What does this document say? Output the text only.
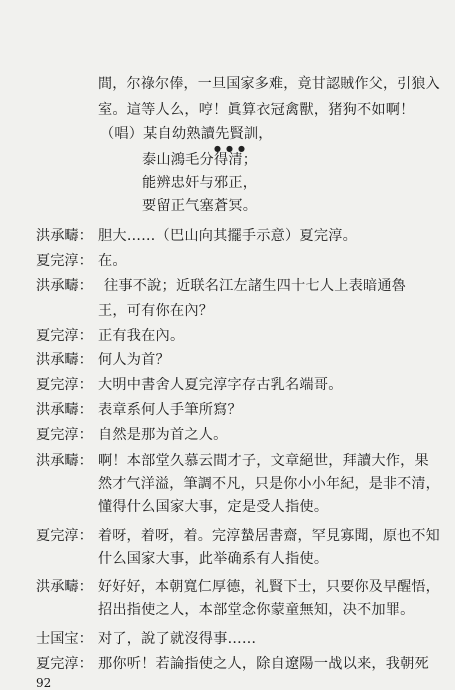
間，尔祿尔俸，一旦国家多难，竟甘認賊作父，引狼入
室。這等人么，哼！眞算衣冠禽獸，猪狗不如啊！
（唱）某自幼熟讀先賢訓，
●●●
泰山鴻毛分得清；
能辨忠奸与邪正，
要留正气塞蒼冥。
洪承疇： 胆大……（巴山向其擺手示意）夏完淳。
夏完淳： 在。
洪承疇： 往事不說；近联名江左諸生四十七人上表暗通魯
王，可有你在內？
夏完淳： 正有我在內。
洪承疇： 何人为首？
夏完淳： 大明中書舍人夏完淳字存古乳名端哥。
洪承疇： 表章系何人手筆所寫？
夏完淳： 自然是那为首之人。
洪承疇： 啊！本部堂久慕云間才子，文章絕世，拜讀大作，果
然才气洋溢，筆調不凡，只是你小小年紀，是非不清，
懂得什么国家大事，定是受人指使。
夏完淳： 着呀，着呀，着。完淳蟄居書齋，罕見寡聞，原也不知
什么国家大事，此举确系有人指使。
洪承疇： 好好好，本朝寬仁厚德，礼賢下士，只要你及早醒悟，
招出指使之人，本部堂念你蒙童無知，决不加罪。
士国宝： 对了，說了就沒得事……
夏完淳： 那你听！若論指使之人，除自遼陽一战以来，我朝死
92
